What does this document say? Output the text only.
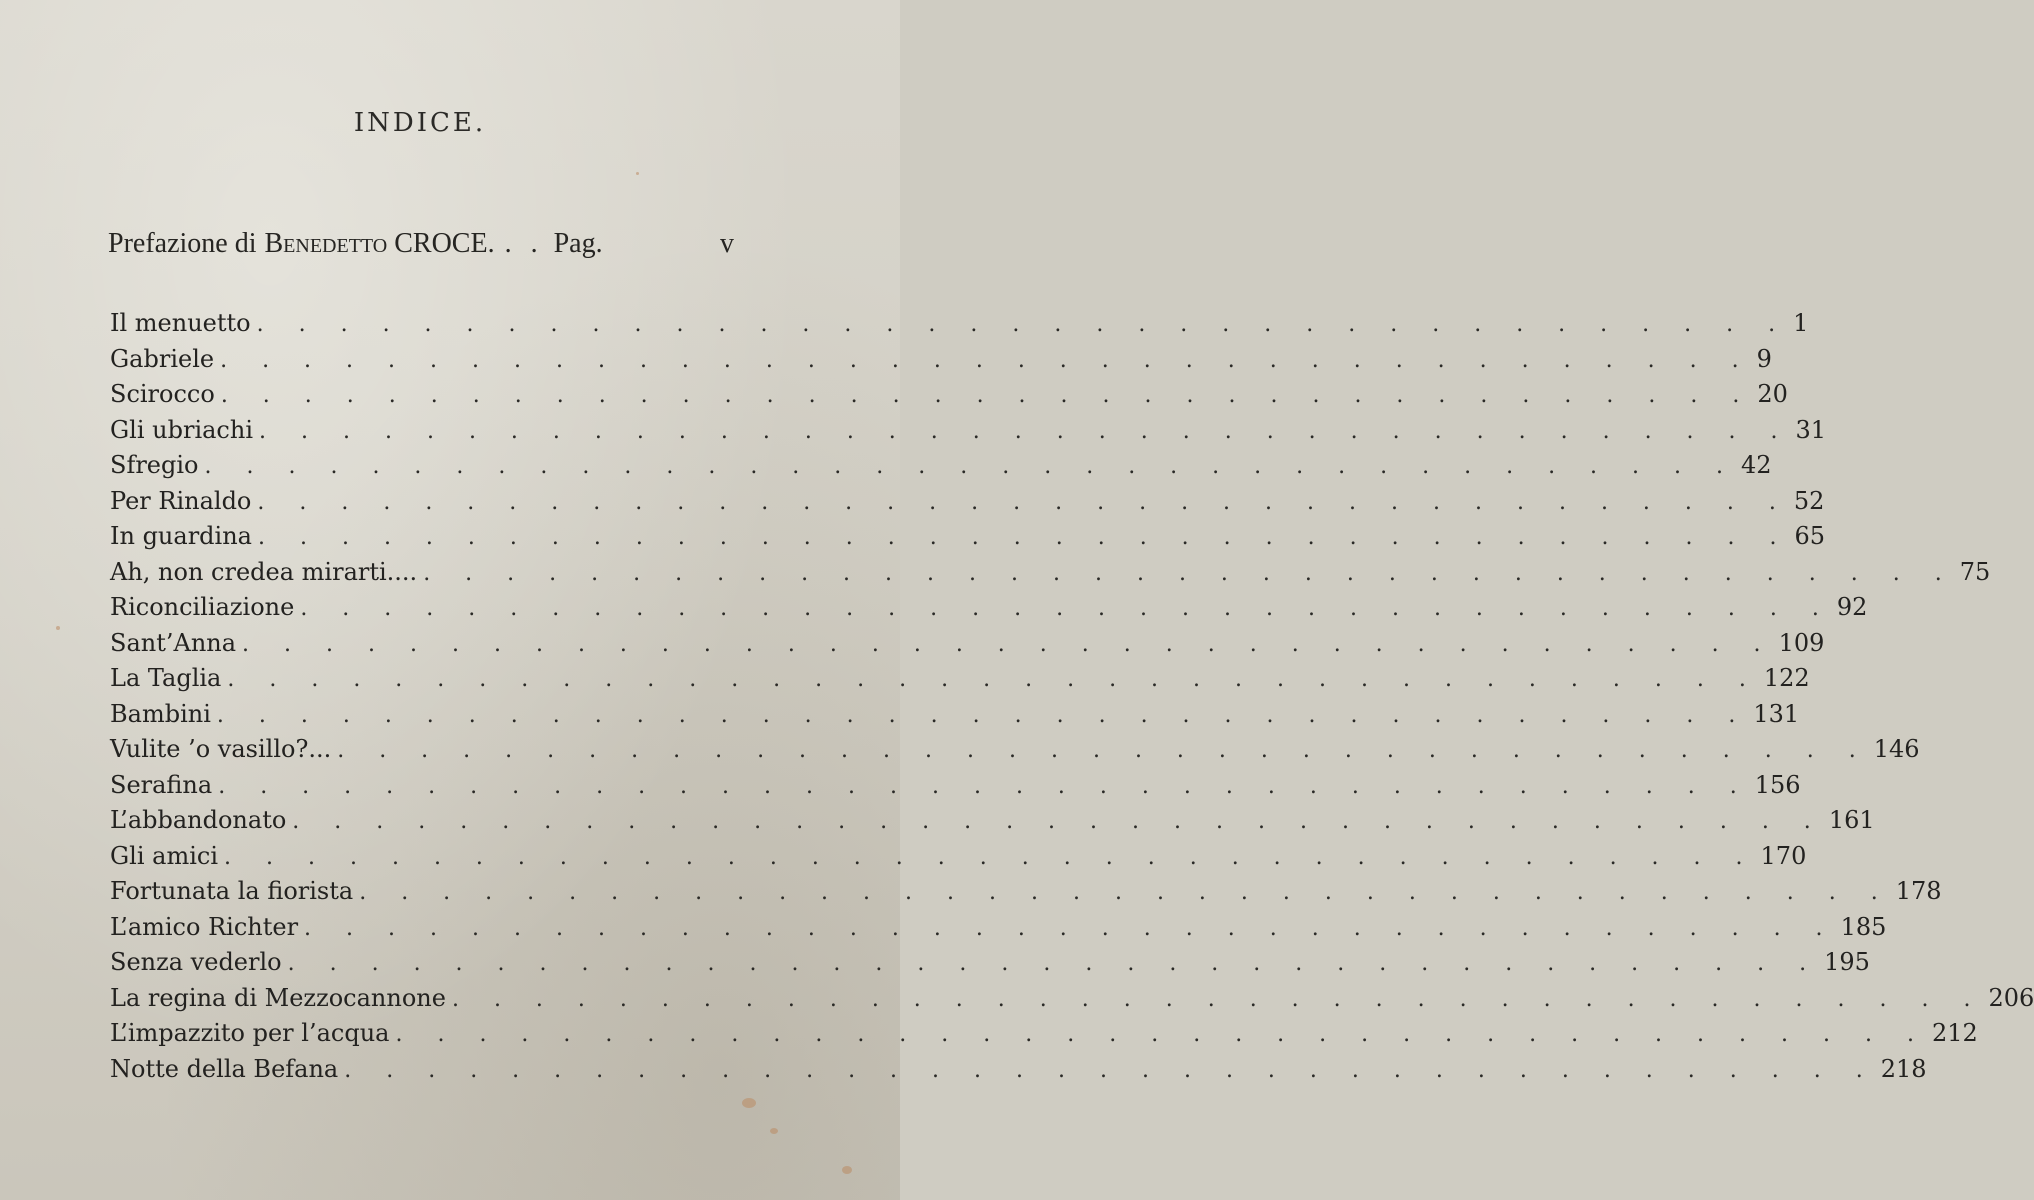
INDICE.
Prefazione di Benedetto CROCE. . . Pag.	v
Il menuetto . . . . . . . . . . . . . . . . . . . . . . . . . . . . . . . . . . . . . 1
Gabriele . . . . . . . . . . . . . . . . . . . . . . . . . . . . . . . . . . . . . 9
Scirocco . . . . . . . . . . . . . . . . . . . . . . . . . . . . . . . . . . . . . 20
Gli ubriachi . . . . . . . . . . . . . . . . . . . . . . . . . . . . . . . . . . . . . 31
Sfregio . . . . . . . . . . . . . . . . . . . . . . . . . . . . . . . . . . . . . 42
Per Rinaldo . . . . . . . . . . . . . . . . . . . . . . . . . . . . . . . . . . . . . 52
In guardina . . . . . . . . . . . . . . . . . . . . . . . . . . . . . . . . . . . . . 65
Ah, non credea mirarti.... . . . . . . . . . . . . . . . . . . . . . . . . . . . . . . . . . . . . . 75
Riconciliazione . . . . . . . . . . . . . . . . . . . . . . . . . . . . . . . . . . . . . 92
Sant’Anna . . . . . . . . . . . . . . . . . . . . . . . . . . . . . . . . . . . . . 109
La Taglia . . . . . . . . . . . . . . . . . . . . . . . . . . . . . . . . . . . . . 122
Bambini . . . . . . . . . . . . . . . . . . . . . . . . . . . . . . . . . . . . . 131
Vulite ’o vasillo?... . . . . . . . . . . . . . . . . . . . . . . . . . . . . . . . . . . . . . 146
Serafina . . . . . . . . . . . . . . . . . . . . . . . . . . . . . . . . . . . . . 156
L’abbandonato . . . . . . . . . . . . . . . . . . . . . . . . . . . . . . . . . . . . . 161
Gli amici . . . . . . . . . . . . . . . . . . . . . . . . . . . . . . . . . . . . . 170
Fortunata la fiorista . . . . . . . . . . . . . . . . . . . . . . . . . . . . . . . . . . . . . 178
L’amico Richter . . . . . . . . . . . . . . . . . . . . . . . . . . . . . . . . . . . . . 185
Senza vederlo . . . . . . . . . . . . . . . . . . . . . . . . . . . . . . . . . . . . . 195
La regina di Mezzocannone . . . . . . . . . . . . . . . . . . . . . . . . . . . . . . . . . . . . . 206
L’impazzito per l’acqua . . . . . . . . . . . . . . . . . . . . . . . . . . . . . . . . . . . . . 212
Notte della Befana . . . . . . . . . . . . . . . . . . . . . . . . . . . . . . . . . . . . . 218
